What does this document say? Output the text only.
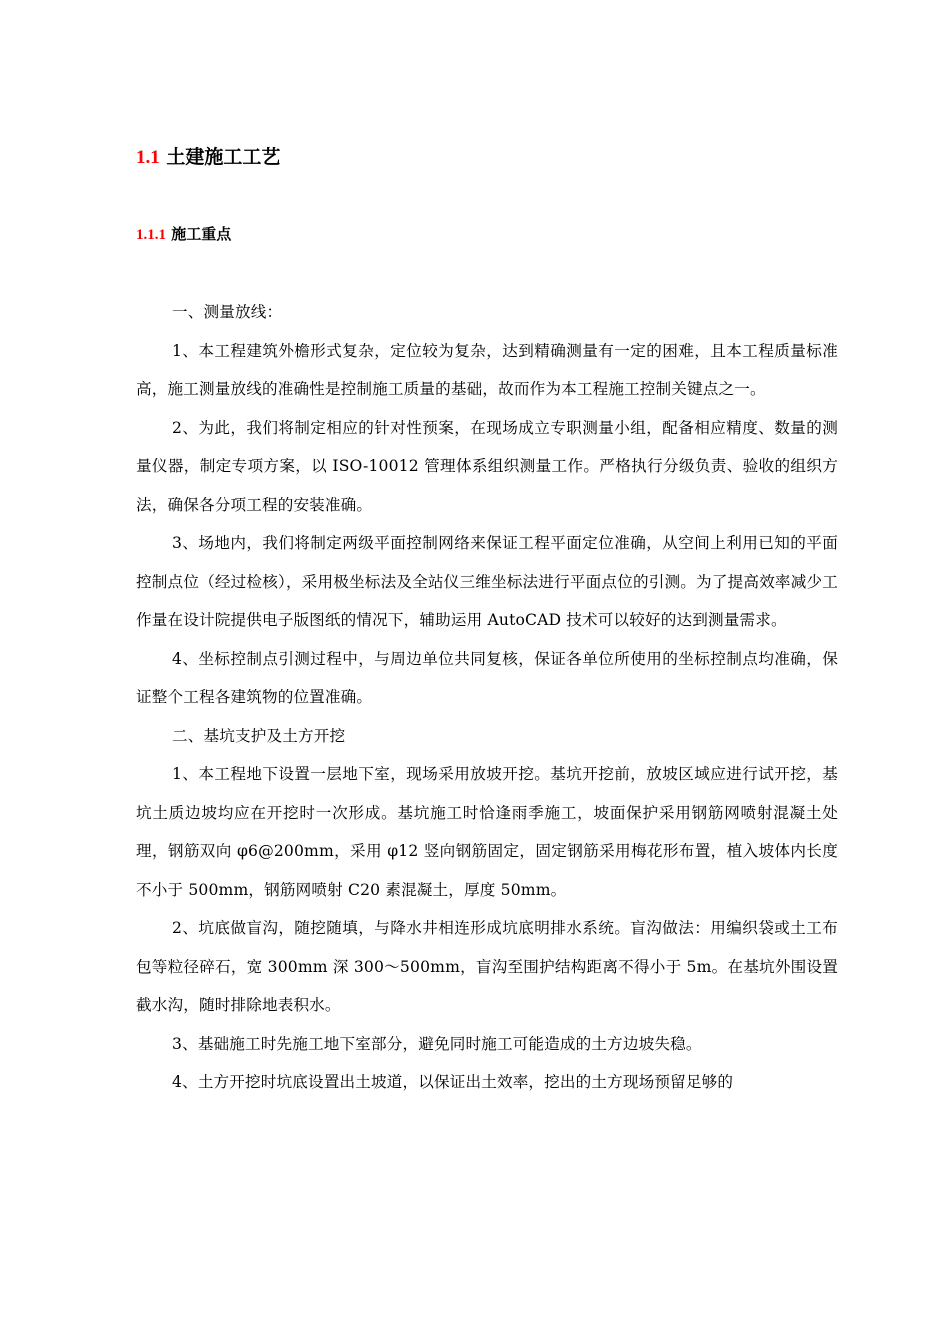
1.1 土建施工工艺
1.1.1 施工重点

一、测量放线：

1、本工程建筑外檐形式复杂，定位较为复杂，达到精确测量有一定的困难，且本工程质量标准高，施工测量放线的准确性是控制施工质量的基础，故而作为本工程施工控制关键点之一。

2、为此，我们将制定相应的针对性预案，在现场成立专职测量小组，配备相应精度、数量的测量仪器，制定专项方案，以 ISO-10012 管理体系组织测量工作。严格执行分级负责、验收的组织方法，确保各分项工程的安装准确。

3、场地内，我们将制定两级平面控制网络来保证工程平面定位准确，从空间上利用已知的平面控制点位（经过检核），采用极坐标法及全站仪三维坐标法进行平面点位的引测。为了提高效率减少工作量在设计院提供电子版图纸的情况下，辅助运用 AutoCAD 技术可以较好的达到测量需求。

4、坐标控制点引测过程中，与周边单位共同复核，保证各单位所使用的坐标控制点均准确，保证整个工程各建筑物的位置准确。

二、基坑支护及土方开挖

1、本工程地下设置一层地下室，现场采用放坡开挖。基坑开挖前，放坡区域应进行试开挖，基坑土质边坡均应在开挖时一次形成。基坑施工时恰逢雨季施工，坡面保护采用钢筋网喷射混凝土处理，钢筋双向 φ6@200mm，采用 φ12 竖向钢筋固定，固定钢筋采用梅花形布置，植入坡体内长度不小于 500mm，钢筋网喷射 C20 素混凝土，厚度 50mm。

2、坑底做盲沟，随挖随填，与降水井相连形成坑底明排水系统。盲沟做法：用编织袋或土工布包等粒径碎石，宽 300mm 深 300～500mm，盲沟至围护结构距离不得小于 5m。在基坑外围设置截水沟，随时排除地表积水。

3、基础施工时先施工地下室部分，避免同时施工可能造成的土方边坡失稳。

4、土方开挖时坑底设置出土坡道，以保证出土效率，挖出的土方现场预留足够的
